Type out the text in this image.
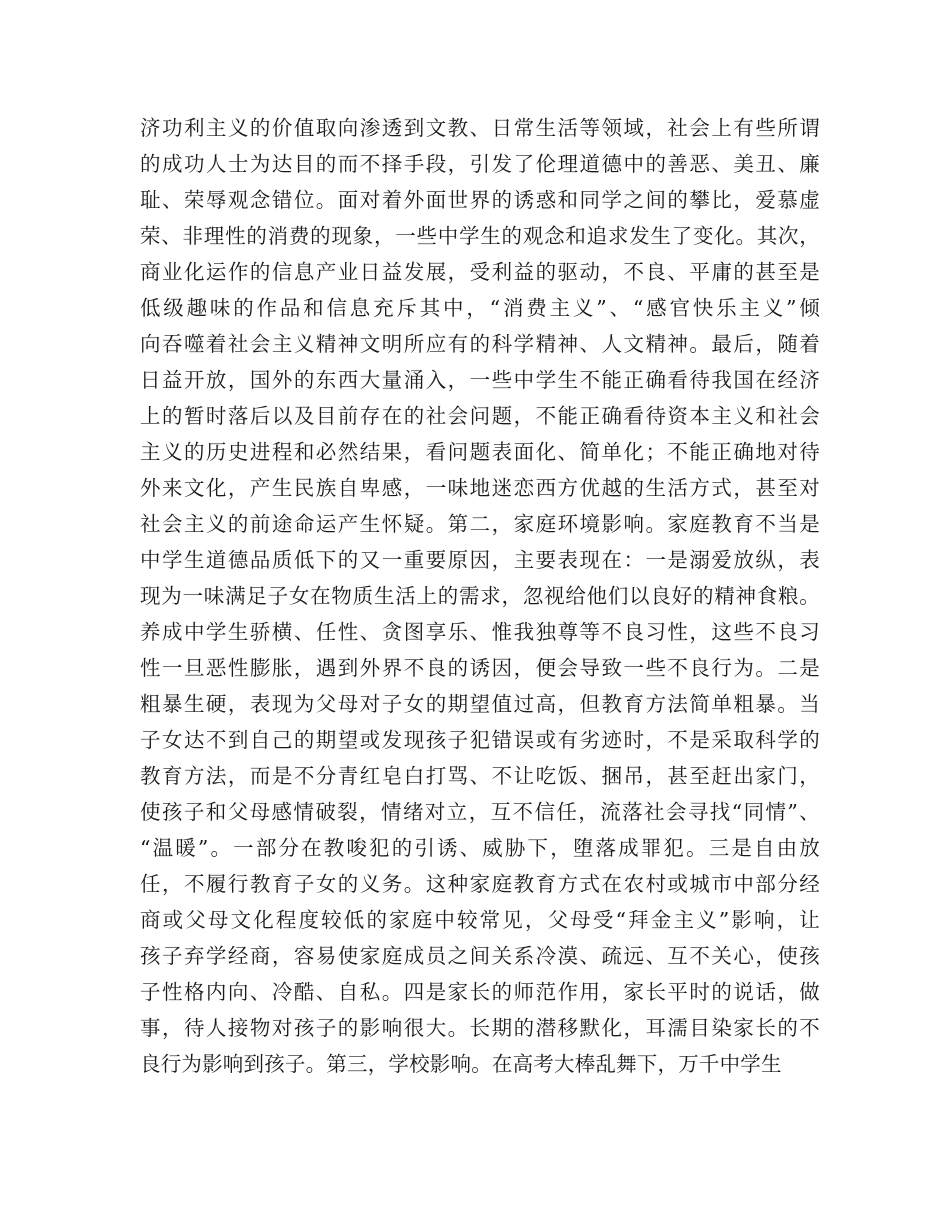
济功利主义的价值取向渗透到文教、日常生活等领域，社会上有些所谓
的成功人士为达目的而不择手段，引发了伦理道德中的善恶、美丑、廉
耻、荣辱观念错位。面对着外面世界的诱惑和同学之间的攀比，爱慕虚
荣、非理性的消费的现象，一些中学生的观念和追求发生了变化。其次，
商业化运作的信息产业日益发展，受利益的驱动，不良、平庸的甚至是
低级趣味的作品和信息充斥其中，“消费主义”、“感官快乐主义”倾
向吞噬着社会主义精神文明所应有的科学精神、人文精神。最后，随着
日益开放，国外的东西大量涌入，一些中学生不能正确看待我国在经济
上的暂时落后以及目前存在的社会问题，不能正确看待资本主义和社会
主义的历史进程和必然结果，看问题表面化、简单化；不能正确地对待
外来文化，产生民族自卑感，一味地迷恋西方优越的生活方式，甚至对
社会主义的前途命运产生怀疑。第二，家庭环境影响。家庭教育不当是
中学生道德品质低下的又一重要原因，主要表现在：一是溺爱放纵，表
现为一味满足子女在物质生活上的需求，忽视给他们以良好的精神食粮。
养成中学生骄横、任性、贪图享乐、惟我独尊等不良习性，这些不良习
性一旦恶性膨胀，遇到外界不良的诱因，便会导致一些不良行为。二是
粗暴生硬，表现为父母对子女的期望值过高，但教育方法简单粗暴。当
子女达不到自己的期望或发现孩子犯错误或有劣迹时，不是采取科学的
教育方法，而是不分青红皂白打骂、不让吃饭、捆吊，甚至赶出家门，
使孩子和父母感情破裂，情绪对立，互不信任，流落社会寻找“同情”、
“温暖”。一部分在教唆犯的引诱、威胁下，堕落成罪犯。三是自由放
任，不履行教育子女的义务。这种家庭教育方式在农村或城市中部分经
商或父母文化程度较低的家庭中较常见，父母受“拜金主义”影响，让
孩子弃学经商，容易使家庭成员之间关系冷漠、疏远、互不关心，使孩
子性格内向、冷酷、自私。四是家长的师范作用，家长平时的说话，做
事，待人接物对孩子的影响很大。长期的潜移默化，耳濡目染家长的不
良行为影响到孩子。第三，学校影响。在高考大棒乱舞下，万千中学生
